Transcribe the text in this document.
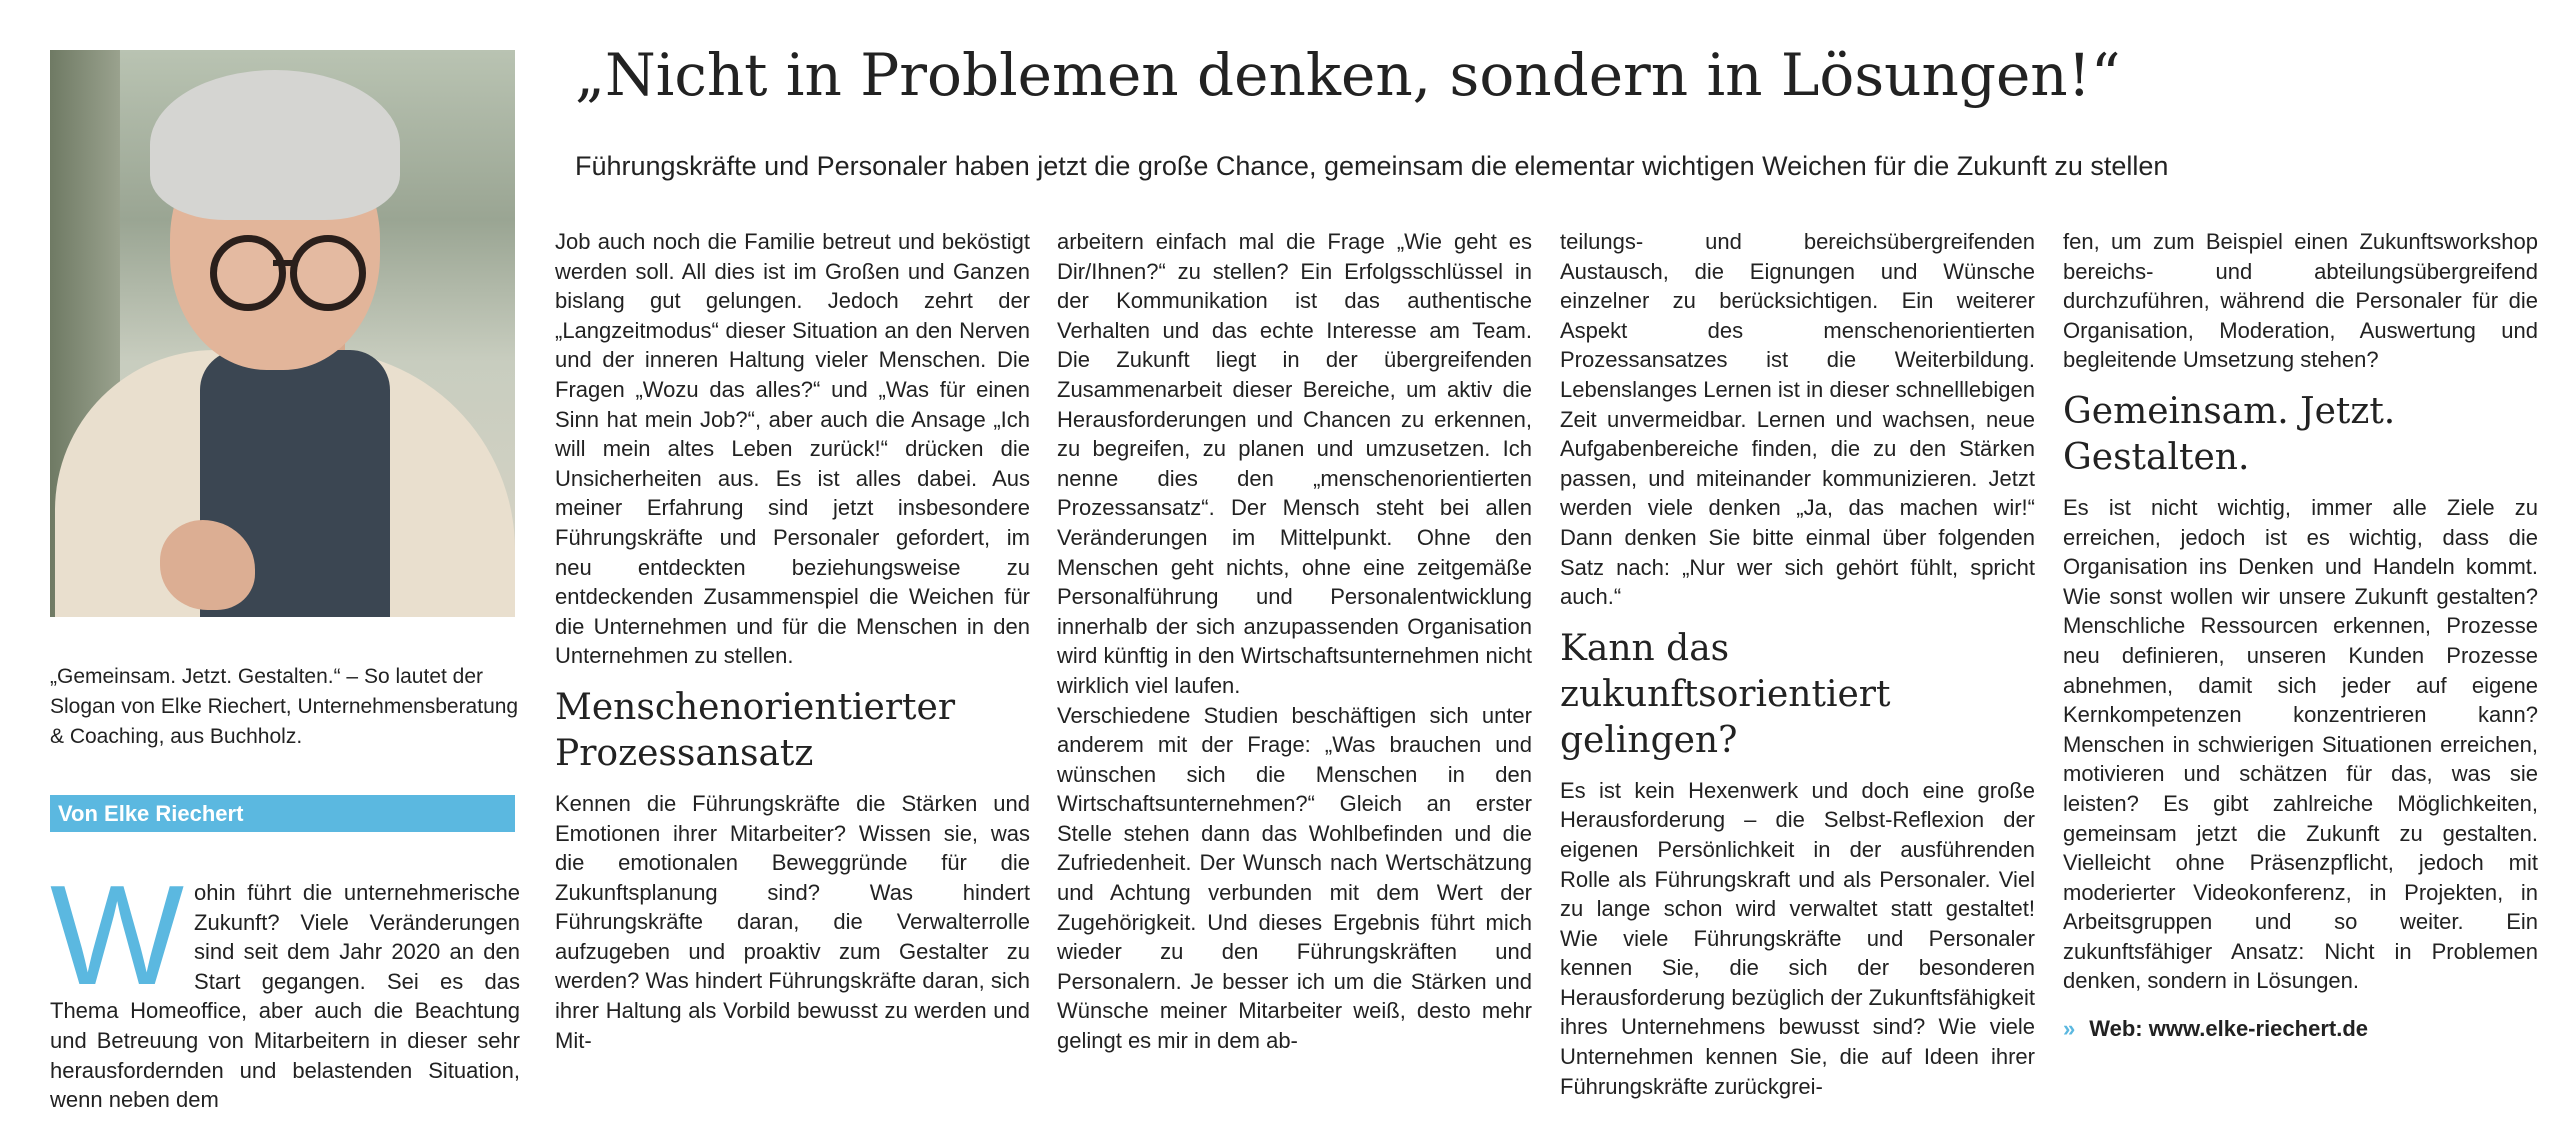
„Gemeinsam. Jetzt. Gestalten.“ – So lautet der Slogan von Elke Riechert, Unternehmensberatung & Coaching, aus Buchholz.
Von Elke Riechert
„Nicht in Problemen denken, sondern in Lösungen!“
Führungskräfte und Personaler haben jetzt die große Chance, gemeinsam die elementar wichtigen Weichen für die Zukunft zu stellen
W ohin führt die unternehmerische Zukunft? Viele Veränderungen sind seit dem Jahr 2020 an den Start gegangen. Sei es das Thema Homeoffice, aber auch die Beachtung und Betreuung von Mitarbeitern in dieser sehr herausfordernden und belastenden Situation, wenn neben dem

Job auch noch die Familie betreut und beköstigt werden soll. All dies ist im Großen und Ganzen bislang gut gelungen. Jedoch zehrt der „Langzeitmodus“ dieser Situation an den Nerven und der inneren Haltung vieler Menschen. Die Fragen „Wozu das alles?“ und „Was für einen Sinn hat mein Job?“, aber auch die Ansage „Ich will mein altes Leben zurück!“ drücken die Unsicherheiten aus. Es ist alles dabei. Aus meiner Erfahrung sind jetzt insbesondere Führungskräfte und Personaler gefordert, im neu entdeckten beziehungsweise zu entdeckenden Zusammenspiel die Weichen für die Unternehmen und für die Menschen in den Unternehmen zu stellen.

Menschenorientierter Prozessansatz

Kennen die Führungskräfte die Stärken und Emotionen ihrer Mitarbeiter? Wissen sie, was die emotionalen Beweggründe für die Zukunftsplanung sind? Was hindert Führungskräfte daran, die Verwalterrolle aufzugeben und proaktiv zum Gestalter zu werden? Was hindert Führungskräfte daran, sich ihrer Haltung als Vorbild bewusst zu werden und Mit-

arbeitern einfach mal die Frage „Wie geht es Dir/Ihnen?“ zu stellen? Ein Erfolgsschlüssel in der Kommunikation ist das authentische Verhalten und das echte Interesse am Team. Die Zukunft liegt in der übergreifenden Zusammenarbeit dieser Bereiche, um aktiv die Herausforderungen und Chancen zu erkennen, zu begreifen, zu planen und umzusetzen. Ich nenne dies den „menschenorientierten Prozessansatz“. Der Mensch steht bei allen Veränderungen im Mittelpunkt. Ohne den Menschen geht nichts, ohne eine zeitgemäße Personalführung und Personalentwicklung innerhalb der sich anzupassenden Organisation wird künftig in den Wirtschaftsunternehmen nicht wirklich viel laufen.

Verschiedene Studien beschäftigen sich unter anderem mit der Frage: „Was brauchen und wünschen sich die Menschen in den Wirtschaftsunternehmen?“ Gleich an erster Stelle stehen dann das Wohlbefinden und die Zufriedenheit. Der Wunsch nach Wertschätzung und Achtung verbunden mit dem Wert der Zugehörigkeit. Und dieses Ergebnis führt mich wieder zu den Führungskräften und Personalern. Je besser ich um die Stärken und Wünsche meiner Mitarbeiter weiß, desto mehr gelingt es mir in dem ab-

teilungs- und bereichsübergreifenden Austausch, die Eignungen und Wünsche einzelner zu berücksichtigen. Ein weiterer Aspekt des menschenorientierten Prozessansatzes ist die Weiterbildung. Lebenslanges Lernen ist in dieser schnelllebigen Zeit unvermeidbar. Lernen und wachsen, neue Aufgabenbereiche finden, die zu den Stärken passen, und miteinander kommunizieren. Jetzt werden viele denken „Ja, das machen wir!“ Dann denken Sie bitte einmal über folgenden Satz nach: „Nur wer sich gehört fühlt, spricht auch.“

Kann das zukunftsorientiert gelingen?

Es ist kein Hexenwerk und doch eine große Herausforderung – die Selbst-Reflexion der eigenen Persönlichkeit in der ausführenden Rolle als Führungskraft und als Personaler. Viel zu lange schon wird verwaltet statt gestaltet! Wie viele Führungskräfte und Personaler kennen Sie, die sich der besonderen Herausforderung bezüglich der Zukunftsfähigkeit ihres Unternehmens bewusst sind? Wie viele Unternehmen kennen Sie, die auf Ideen ihrer Führungskräfte zurückgrei-

fen, um zum Beispiel einen Zukunftsworkshop bereichs- und abteilungsübergreifend durchzuführen, während die Personaler für die Organisation, Moderation, Auswertung und begleitende Umsetzung stehen?

Gemeinsam. Jetzt. Gestalten.

Es ist nicht wichtig, immer alle Ziele zu erreichen, jedoch ist es wichtig, dass die Organisation ins Denken und Handeln kommt. Wie sonst wollen wir unsere Zukunft gestalten? Menschliche Ressourcen erkennen, Prozesse neu definieren, unseren Kunden Prozesse abnehmen, damit sich jeder auf eigene Kernkompetenzen konzentrieren kann? Menschen in schwierigen Situationen erreichen, motivieren und schätzen für das, was sie leisten? Es gibt zahlreiche Möglichkeiten, gemeinsam jetzt die Zukunft zu gestalten. Vielleicht ohne Präsenzpflicht, jedoch mit moderierter Videokonferenz, in Projekten, in Arbeitsgruppen und so weiter. Ein zukunftsfähiger Ansatz: Nicht in Problemen denken, sondern in Lösungen.

» Web: www.elke-riechert.de
